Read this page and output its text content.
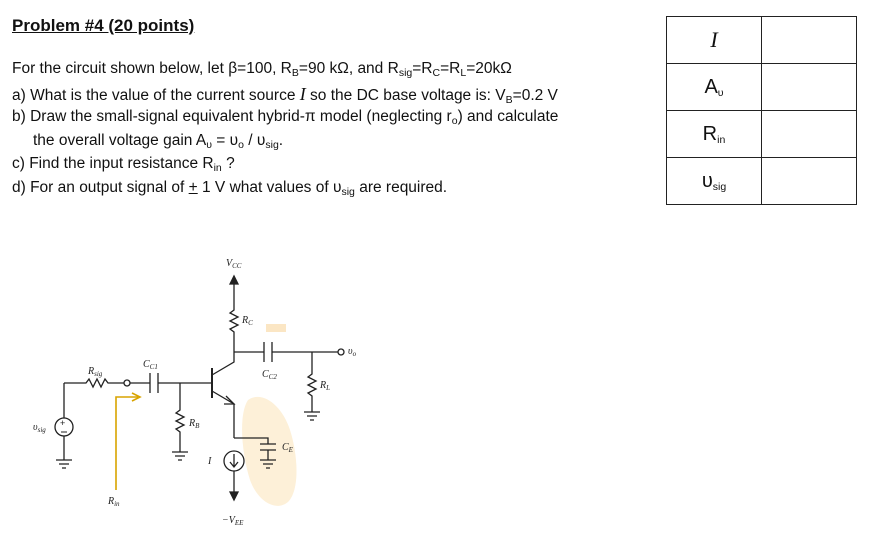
Problem #4 (20 points)
For the circuit shown below, let β=100, $R_B=90$ kΩ, and $R_{sig}=R_C=R_L=20k\Omega$
a) What is the value of the current source I so the DC base voltage is: $V_B=0.2$ V
b) Draw the small-signal equivalent hybrid-π model (neglecting $r_o$) and calculate
the overall voltage gain $A_\upsilon = \upsilon_o / \upsilon_{sig}$.
c) Find the input resistance $R_{in}$ ?
d) For an output signal of + 1 V what values of $\upsilon_{sig}$ are required.
I	
$A_\upsilon$	
$R_{in}$	
$\upsilon_{sig}$	
+
$V_{CC}$
$R_C$
$C_{C2}$
$\upsilon_o$
$R_{sig}$
$C_{C1}$
$R_L$
$\upsilon_{sig}$
$R_B$
$C_E$
I
$R_{in}$
$-V_{EE}$
